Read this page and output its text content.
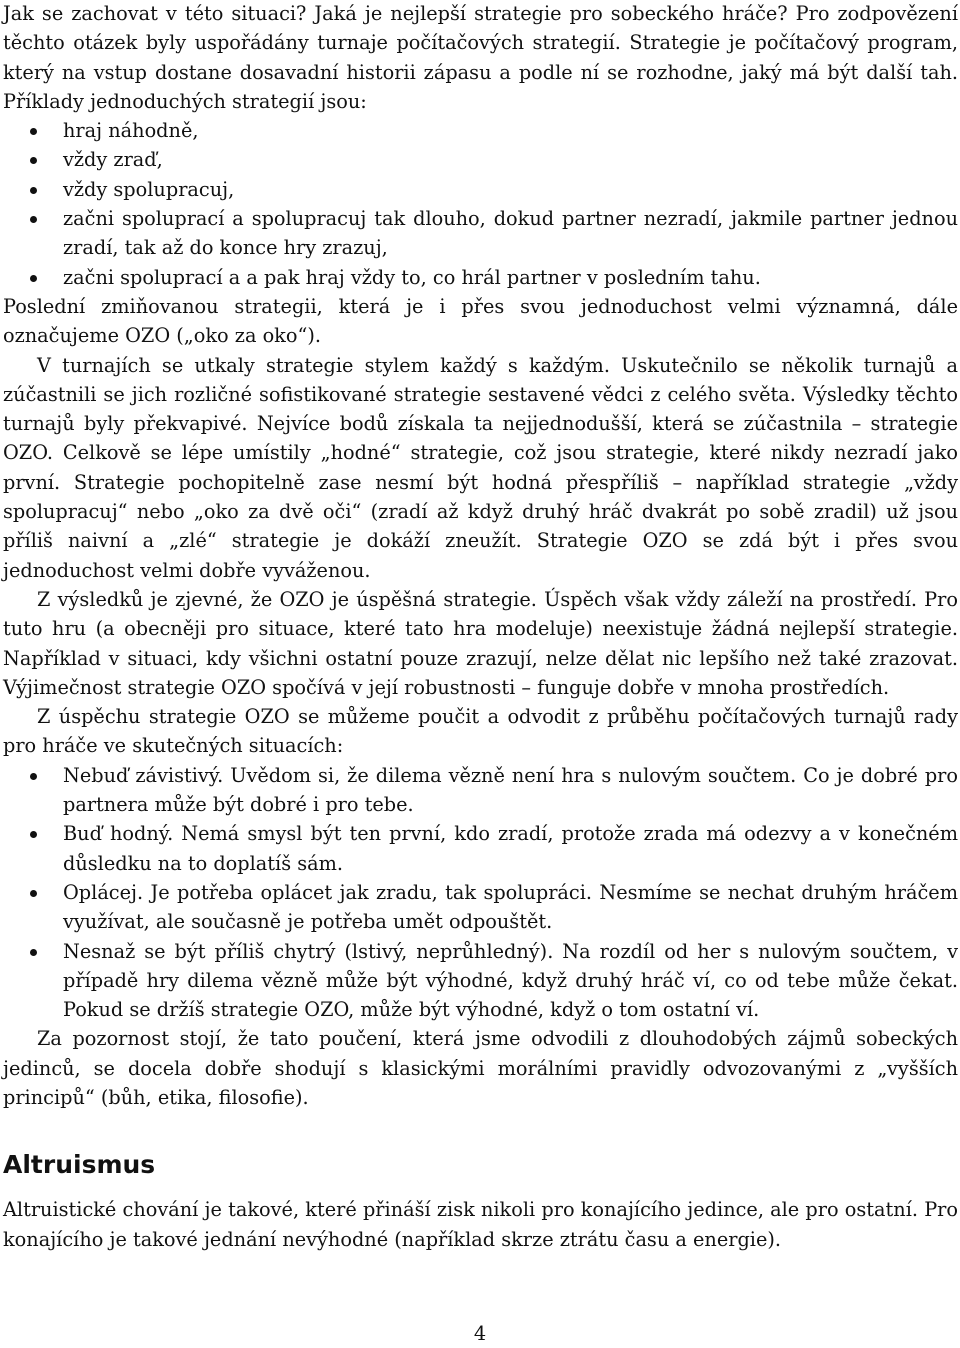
Jak se zachovat v této situaci? Jaká je nejlepší strategie pro sobeckého hráče? Pro zodpovězení těchto otázek byly uspořádány turnaje počítačových strategií. Strategie je počítačový program, který na vstup dostane dosavadní historii zápasu a podle ní se rozhodne, jaký má být další tah. Příklady jednoduchých strategií jsou:

hraj náhodně,
vždy zraď,
vždy spolupracuj,
začni spoluprací a spolupracuj tak dlouho, dokud partner nezradí, jakmile partner jednou zradí, tak až do konce hry zrazuj,
začni spoluprací a a pak hraj vždy to, co hrál partner v posledním tahu.

Poslední zmiňovanou strategii, která je i přes svou jednoduchost velmi významná, dále označujeme OZO („oko za oko“).

V turnajích se utkaly strategie stylem každý s každým. Uskutečnilo se několik turnajů a zúčastnili se jich rozličné sofistikované strategie sestavené vědci z celého světa. Výsledky těchto turnajů byly překvapivé. Nejvíce bodů získala ta nejjednodušší, která se zúčastnila – strategie OZO. Celkově se lépe umístily „hodné“ strategie, což jsou strategie, které nikdy nezradí jako první. Strategie pochopitelně zase nesmí být hodná přespříliš – například strategie „vždy spolupracuj“ nebo „oko za dvě oči“ (zradí až když druhý hráč dvakrát po sobě zradil) už jsou příliš naivní a „zlé“ strategie je dokáží zneužít. Strategie OZO se zdá být i přes svou jednoduchost velmi dobře vyváženou.

Z výsledků je zjevné, že OZO je úspěšná strategie. Úspěch však vždy záleží na prostředí. Pro tuto hru (a obecněji pro situace, které tato hra modeluje) neexistuje žádná nejlepší strategie. Například v situaci, kdy všichni ostatní pouze zrazují, nelze dělat nic lepšího než také zrazovat. Výjimečnost strategie OZO spočívá v její robustnosti – funguje dobře v mnoha prostředích.

Z úspěchu strategie OZO se můžeme poučit a odvodit z průběhu počítačových turnajů rady pro hráče ve skutečných situacích:

Nebuď závistivý. Uvědom si, že dilema vězně není hra s nulovým součtem. Co je dobré pro partnera může být dobré i pro tebe.
Buď hodný. Nemá smysl být ten první, kdo zradí, protože zrada má odezvy a v konečném důsledku na to doplatíš sám.
Oplácej. Je potřeba oplácet jak zradu, tak spolupráci. Nesmíme se nechat druhým hráčem využívat, ale současně je potřeba umět odpouštět.
Nesnaž se být příliš chytrý (lstivý, neprůhledný). Na rozdíl od her s nulovým součtem, v případě hry dilema vězně může být výhodné, když druhý hráč ví, co od tebe může čekat. Pokud se držíš strategie OZO, může být výhodné, když o tom ostatní ví.

Za pozornost stojí, že tato poučení, která jsme odvodili z dlouhodobých zájmů sobeckých jedinců, se docela dobře shodují s klasickými morálními pravidly odvozovanými z „vyšších principů“ (bůh, etika, filosofie).

Altruismus

Altruistické chování je takové, které přináší zisk nikoli pro konajícího jedince, ale pro ostatní. Pro konajícího je takové jednání nevýhodné (například skrze ztrátu času a energie).

4
